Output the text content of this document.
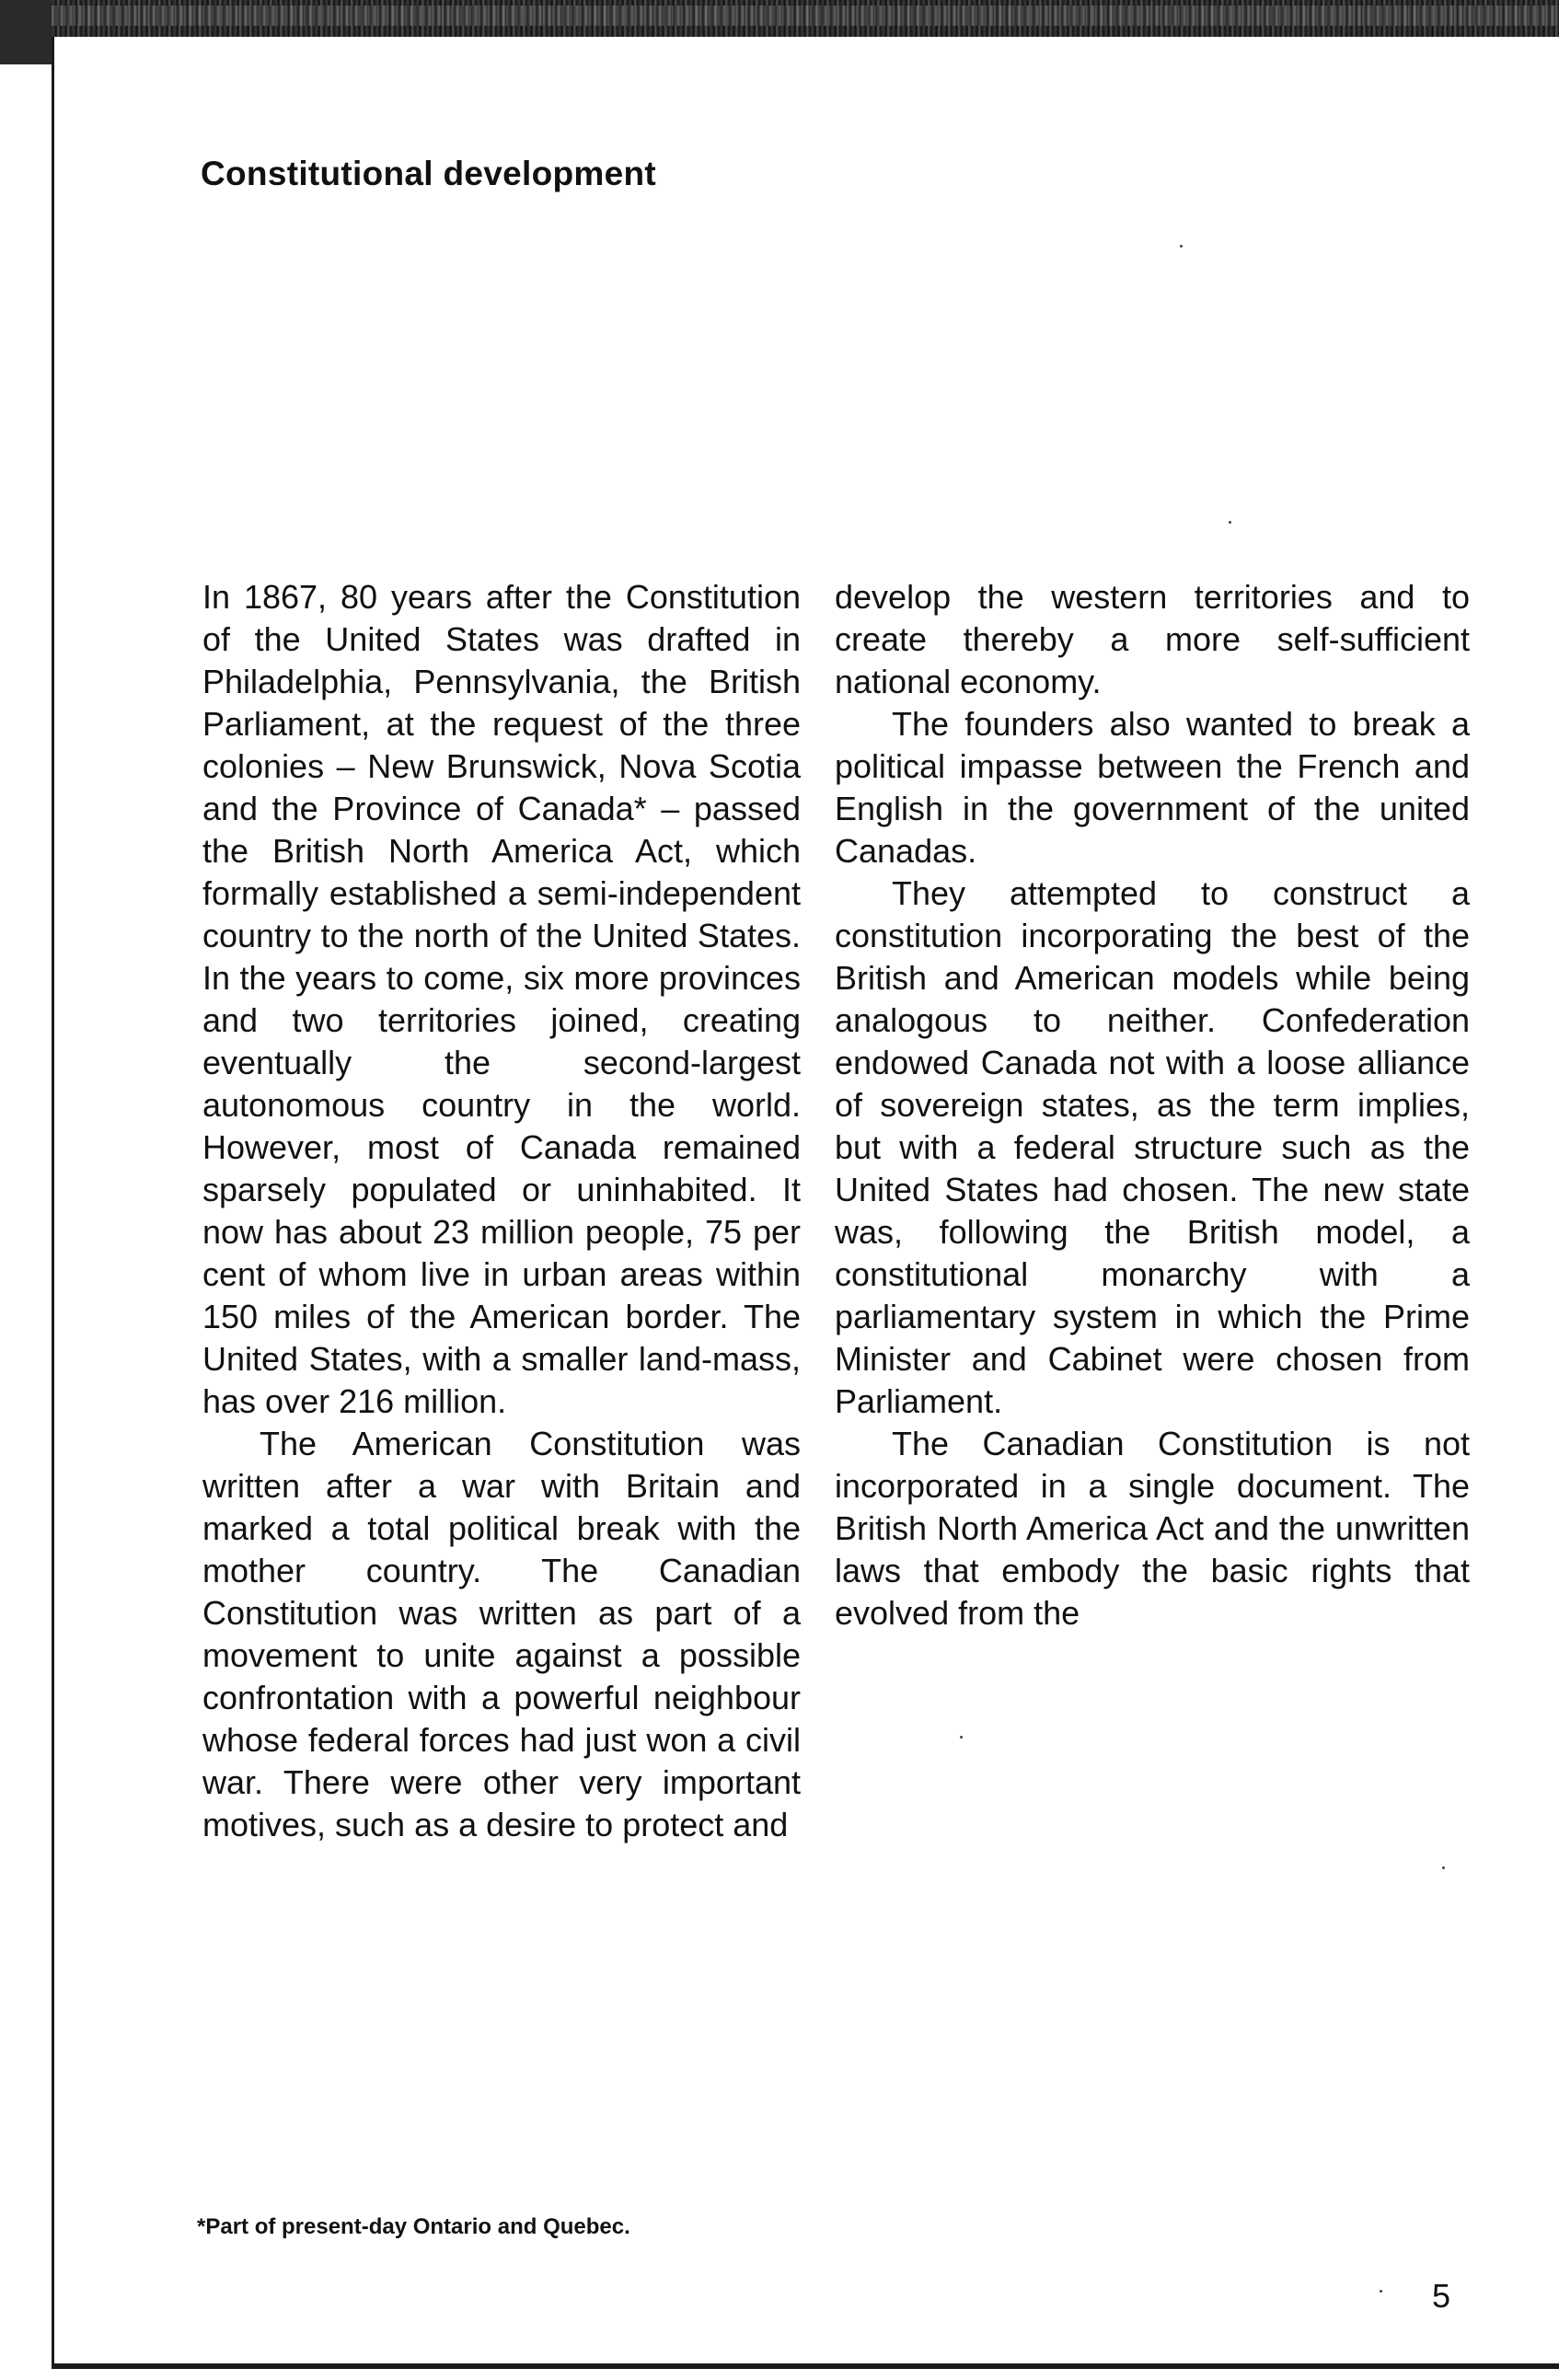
Constitutional development

In 1867, 80 years after the Constitution of the United States was drafted in Philadelphia, Pennsylvania, the British Parliament, at the request of the three colonies – New Brunswick, Nova Scotia and the Province of Canada* – passed the British North America Act, which formally established a semi-independent country to the north of the United States. In the years to come, six more provinces and two territories joined, creating eventually the second-largest autonomous country in the world. However, most of Canada remained sparsely populated or uninhabited. It now has about 23 million people, 75 per cent of whom live in urban areas within 150 miles of the American border. The United States, with a smaller land-mass, has over 216 million.

The American Constitution was written after a war with Britain and marked a total political break with the mother country. The Canadian Constitution was written as part of a movement to unite against a possible confrontation with a powerful neighbour whose federal forces had just won a civil war. There were other very important motives, such as a desire to protect and

develop the western territories and to create thereby a more self-sufficient national economy.

The founders also wanted to break a political impasse between the French and English in the government of the united Canadas.

They attempted to construct a constitution incorporating the best of the British and American models while being analogous to neither. Confederation endowed Canada not with a loose alliance of sovereign states, as the term implies, but with a federal structure such as the United States had chosen. The new state was, following the British model, a constitutional monarchy with a parliamentary system in which the Prime Minister and Cabinet were chosen from Parliament.

The Canadian Constitution is not incorporated in a single document. The British North America Act and the unwritten laws that embody the basic rights that evolved from the

*Part of present-day Ontario and Quebec.

5
